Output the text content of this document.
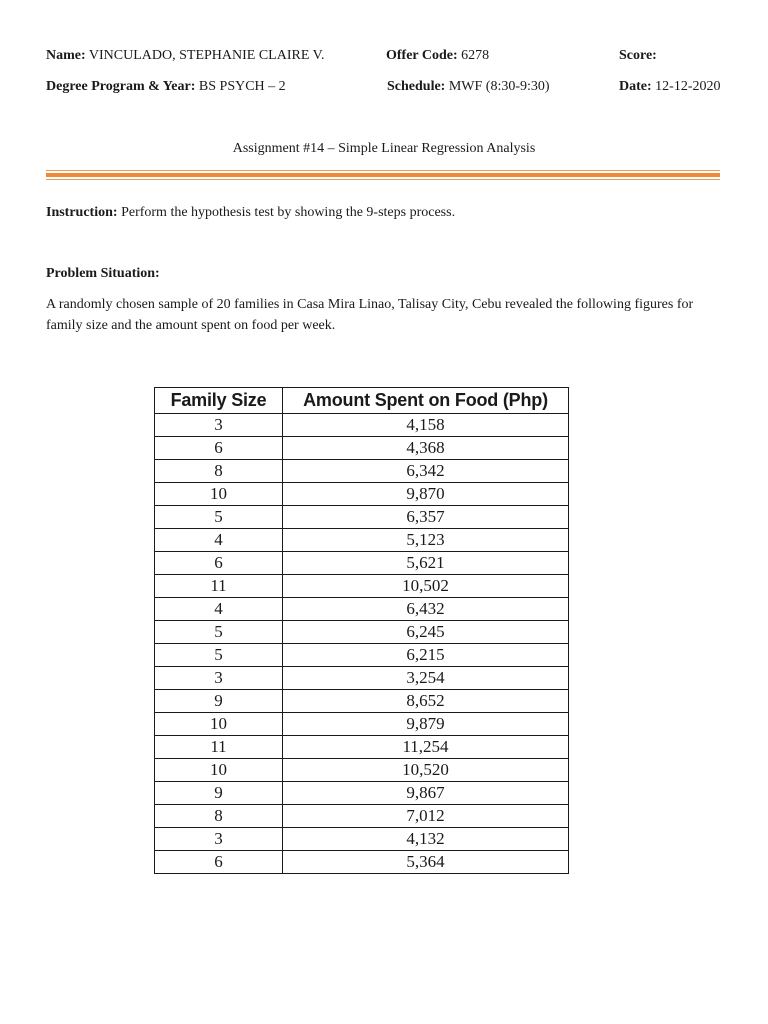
Name: VINCULADO, STEPHANIE CLAIRE V.	Offer Code: 6278	Score:
Degree Program & Year: BS PSYCH – 2	Schedule: MWF (8:30-9:30)	Date: 12-12-2020
Assignment #14 – Simple Linear Regression Analysis
Instruction: Perform the hypothesis test by showing the 9-steps process.
Problem Situation:
A randomly chosen sample of 20 families in Casa Mira Linao, Talisay City, Cebu revealed the following figures for family size and the amount spent on food per week.
Family Size	Amount Spent on Food (Php)
3	4,158
6	4,368
8	6,342
10	9,870
5	6,357
4	5,123
6	5,621
11	10,502
4	6,432
5	6,245
5	6,215
3	3,254
9	8,652
10	9,879
11	11,254
10	10,520
9	9,867
8	7,012
3	4,132
6	5,364
